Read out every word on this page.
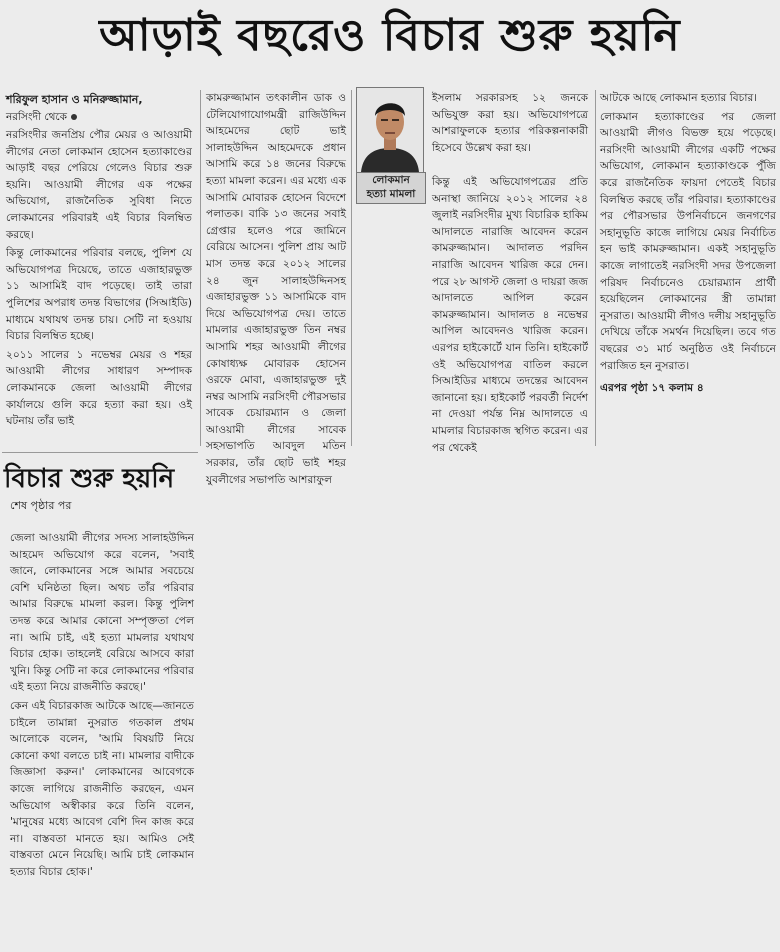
আড়াই বছরেও বিচার শুরু হয়নি

শরিফুল হাসান ও মনিরুজ্জামান,

নরসিংদী থেকে

নরসিংদীর জনপ্রিয় পৌর মেয়র ও আওয়ামী লীগের নেতা লোকমান হোসেন হত্যাকাণ্ডের আড়াই বছর পেরিয়ে গেলেও বিচার শুরু হয়নি। আওয়ামী লীগের এক পক্ষের অভিযোগ, রাজনৈতিক সুবিধা নিতে লোকমানের পরিবারই এই বিচার বিলম্বিত করছে।

কিন্তু লোকমানের পরিবার বলছে, পুলিশ যে অভিযোগপত্র দিয়েছে, তাতে এজাহারভুক্ত ১১ আসামিই বাদ পড়েছে। তাই তারা পুলিশের অপরাধ তদন্ত বিভাগের (সিআইডি) মাধ্যমে যথাযথ তদন্ত চায়। সেটি না হওয়ায় বিচার বিলম্বিত হচ্ছে।

২০১১ সালের ১ নভেম্বর মেয়র ও শহর আওয়ামী লীগের সাধারণ সম্পাদক লোকমানকে জেলা আওয়ামী লীগের কার্যালয়ে গুলি করে হত্যা করা হয়। ওই ঘটনায় তাঁর ভাই

কামরুজ্জামান তৎকালীন ডাক ও টেলিযোগাযোগমন্ত্রী রাজিউদ্দিন আহমেদের ছোট ভাই সালাহউদ্দিন আহমেদকে প্রধান আসামি করে ১৪ জনের বিরুদ্ধে হত্যা মামলা করেন। এর মধ্যে এক আসামি মোবারক হোসেন বিদেশে পলাতক। বাকি ১৩ জনের সবাই গ্রেপ্তার হলেও পরে জামিনে বেরিয়ে আসেন। পুলিশ প্রায় আট মাস তদন্ত করে ২০১২ সালের ২৪ জুন সালাহউদ্দিনসহ এজাহারভুক্ত ১১ আসামিকে বাদ দিয়ে অভিযোগপত্র দেয়। তাতে মামলার এজাহারভুক্ত তিন নম্বর আসামি শহর আওয়ামী লীগের কোষাধ্যক্ষ মোবারক হোসেন ওরফে মোবা, এজাহারভুক্ত দুই নম্বর আসামি নরসিংদী পৌরসভার সাবেক চেয়ারম্যান ও জেলা আওয়ামী লীগের সাবেক সহসভাপতি আবদুল মতিন সরকার, তাঁর ছোট ভাই শহর যুবলীগের সভাপতি আশরাফুল

লোকমান
হত্যা মামলা

ইসলাম সরকারসহ ১২ জনকে অভিযুক্ত করা হয়। অভিযোগপত্রে আশরাফুলকে হত্যার পরিকল্পনাকারী হিসেবে উল্লেখ করা হয়।

কিন্তু এই অভিযোগপত্রের প্রতি অনাস্থা জানিয়ে ২০১২ সালের ২৪ জুলাই নরসিংদীর মুখ্য বিচারিক হাকিম আদালতে নারাজি আবেদন করেন কামরুজ্জামান। আদালত পরদিন নারাজি আবেদন খারিজ করে দেন। পরে ২৮ আগস্ট জেলা ও দায়রা জজ আদালতে আপিল করেন কামরুজ্জামান। আদালত ৪ নভেম্বর আপিল আবেদনও খারিজ করেন। এরপর হাইকোর্টে যান তিনি। হাইকোর্ট ওই অভিযোগপত্র বাতিল করলে সিআইডির মাধ্যমে তদন্তের আবেদন জানানো হয়। হাইকোর্ট পরবর্তী নির্দেশ না দেওয়া পর্যন্ত নিম্ন আদালতে এ মামলার বিচারকাজ স্থগিত করেন। এর পর থেকেই

আটকে আছে লোকমান হত্যার বিচার।

লোকমান হত্যাকাণ্ডের পর জেলা আওয়ামী লীগও বিভক্ত হয়ে পড়েছে। নরসিংদী আওয়ামী লীগের একটি পক্ষের অভিযোগ, লোকমান হত্যাকাণ্ডকে পুঁজি করে রাজনৈতিক ফায়দা পেতেই বিচার বিলম্বিত করছে তাঁর পরিবার। হত্যাকাণ্ডের পর পৌরসভার উপনির্বাচনে জনগণের সহানুভূতি কাজে লাগিয়ে মেয়র নির্বাচিত হন ভাই কামরুজ্জামান। একই সহানুভূতি কাজে লাগাতেই নরসিংদী সদর উপজেলা পরিষদ নির্বাচনেও চেয়ারম্যান প্রার্থী হয়েছিলেন লোকমানের স্ত্রী তামান্না নুসরাত। আওয়ামী লীগও দলীয় সহানুভূতি দেখিয়ে তাঁকে সমর্থন দিয়েছিল। তবে গত বছরের ৩১ মার্চ অনুষ্ঠিত ওই নির্বাচনে পরাজিত হন নুসরাত।

এরপর পৃষ্ঠা ১৭ কলাম ৪

বিচার শুরু হয়নি
শেষ পৃষ্ঠার পর

জেলা আওয়ামী লীগের সদস্য সালাহউদ্দিন আহমেদ অভিযোগ করে বলেন, 'সবাই জানে, লোকমানের সঙ্গে আমার সবচেয়ে বেশি ঘনিষ্ঠতা ছিল। অথচ তাঁর পরিবার আমার বিরুদ্ধে মামলা করল। কিন্তু পুলিশ তদন্ত করে আমার কোনো সম্পৃক্ততা পেল না। আমি চাই, এই হত্যা মামলার যথাযথ বিচার হোক। তাহলেই বেরিয়ে আসবে কারা খুনি। কিন্তু সেটি না করে লোকমানের পরিবার এই হত্যা নিয়ে রাজনীতি করছে।'

কেন এই বিচারকাজ আটকে আছে—জানতে চাইলে তামান্না নুসরাত গতকাল প্রথম আলোকে বলেন, 'আমি বিষয়টি নিয়ে কোনো কথা বলতে চাই না। মামলার বাদীকে জিজ্ঞাসা করুন।' লোকমানের আবেগকে কাজে লাগিয়ে রাজনীতি করছেন, এমন অভিযোগ অস্বীকার করে তিনি বলেন, 'মানুষের মধ্যে আবেগ বেশি দিন কাজ করে না। বাস্তবতা মানতে হয়। আমিও সেই বাস্তবতা মেনে নিয়েছি। আমি চাই লোকমান হত্যার বিচার হোক।'
